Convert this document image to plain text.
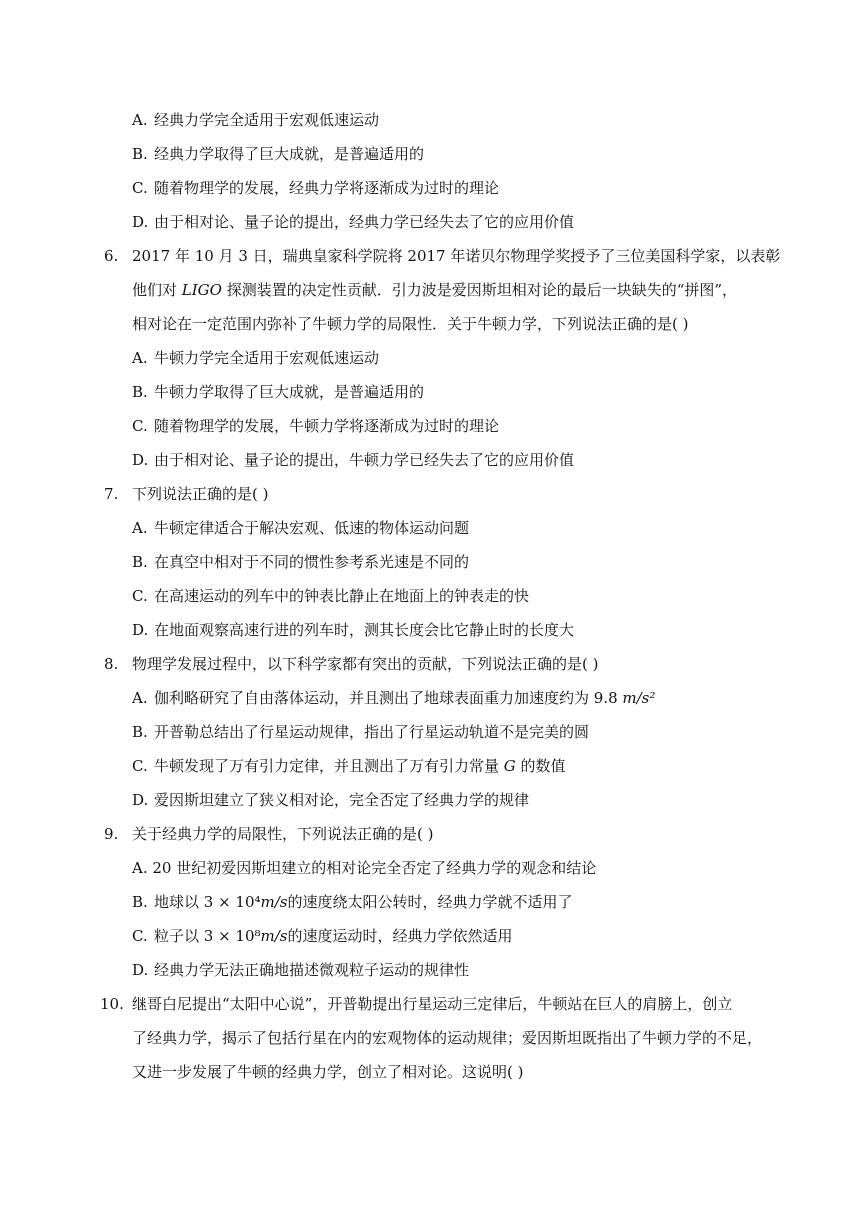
A. 经典力学完全适用于宏观低速运动
B. 经典力学取得了巨大成就，是普遍适用的
C. 随着物理学的发展，经典力学将逐渐成为过时的理论
D. 由于相对论、量子论的提出，经典力学已经失去了它的应用价值
6. 2017 年 10 月 3 日，瑞典皇家科学院将 2017 年诺贝尔物理学奖授予了三位美国科学家，以表彰
他们对 LIGO 探测装置的决定性贡献．引力波是爱因斯坦相对论的最后一块缺失的“拼图”，
相对论在一定范围内弥补了牛顿力学的局限性．关于牛顿力学，下列说法正确的是( )
A. 牛顿力学完全适用于宏观低速运动
B. 牛顿力学取得了巨大成就，是普遍适用的
C. 随着物理学的发展，牛顿力学将逐渐成为过时的理论
D. 由于相对论、量子论的提出，牛顿力学已经失去了它的应用价值
7. 下列说法正确的是( )
A. 牛顿定律适合于解决宏观、低速的物体运动问题
B. 在真空中相对于不同的惯性参考系光速是不同的
C. 在高速运动的列车中的钟表比静止在地面上的钟表走的快
D. 在地面观察高速行进的列车时，测其长度会比它静止时的长度大
8. 物理学发展过程中，以下科学家都有突出的贡献，下列说法正确的是( )
A. 伽利略研究了自由落体运动，并且测出了地球表面重力加速度约为 9.8 m/s²
B. 开普勒总结出了行星运动规律，指出了行星运动轨道不是完美的圆
C. 牛顿发现了万有引力定律，并且测出了万有引力常量 G 的数值
D. 爱因斯坦建立了狭义相对论，完全否定了经典力学的规律
9. 关于经典力学的局限性，下列说法正确的是( )
A. 20 世纪初爱因斯坦建立的相对论完全否定了经典力学的观念和结论
B. 地球以 3 × 10⁴m/s的速度绕太阳公转时，经典力学就不适用了
C. 粒子以 3 × 10⁸m/s的速度运动时，经典力学依然适用
D. 经典力学无法正确地描述微观粒子运动的规律性
10. 继哥白尼提出“太阳中心说”，开普勒提出行星运动三定律后，牛顿站在巨人的肩膀上，创立
了经典力学，揭示了包括行星在内的宏观物体的运动规律；爱因斯坦既指出了牛顿力学的不足，
又进一步发展了牛顿的经典力学，创立了相对论。这说明( )
